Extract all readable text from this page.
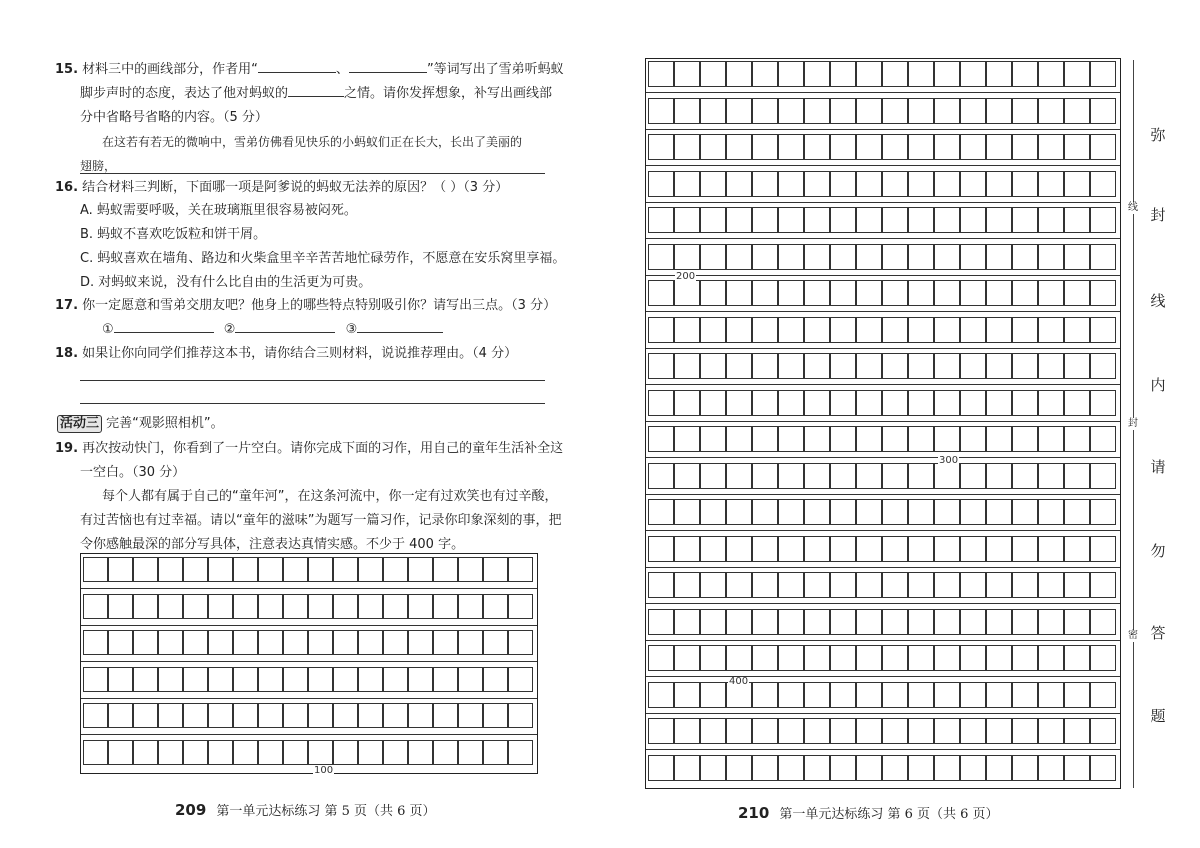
15. 材料三中的画线部分，作者用“	、	”等词写出了雪弟听蚂蚁
脚步声时的态度，表达了他对蚂蚁的	之情。请你发挥想象，补写出画线部
分中省略号省略的内容。（5 分）
在这若有若无的微响中，雪弟仿佛看见快乐的小蚂蚁们正在长大，长出了美丽的
翅膀，
16. 结合材料三判断，下面哪一项是阿爹说的蚂蚁无法养的原因？（ ）（3 分）
A. 蚂蚁需要呼吸，关在玻璃瓶里很容易被闷死。
B. 蚂蚁不喜欢吃饭粒和饼干屑。
C. 蚂蚁喜欢在墙角、路边和火柴盒里辛辛苦苦地忙碌劳作，不愿意在安乐窝里享福。
D. 对蚂蚁来说，没有什么比自由的生活更为可贵。
17. 你一定愿意和雪弟交朋友吧？他身上的哪些特点特别吸引你？请写出三点。（3 分）
①	②	③
18. 如果让你向同学们推荐这本书，请你结合三则材料，说说推荐理由。（4 分）
活动三 完善“观影照相机”。
19. 再次按动快门，你看到了一片空白。请你完成下面的习作，用自己的童年生活补全这
一空白。（30 分）
每个人都有属于自己的“童年河”，在这条河流中，你一定有过欢笑也有过辛酸，
有过苦恼也有过幸福。请以“童年的滋味”为题写一篇习作，记录你印象深刻的事，把
令你感触最深的部分写具体，注意表达真情实感。不少于 400 字。
100
209 第一单元达标练习 第 5 页（共 6 页）
200
300
400
210 第一单元达标练习 第 6 页（共 6 页）
线
封
密
弥
封
线
内
请
勿
答
题
